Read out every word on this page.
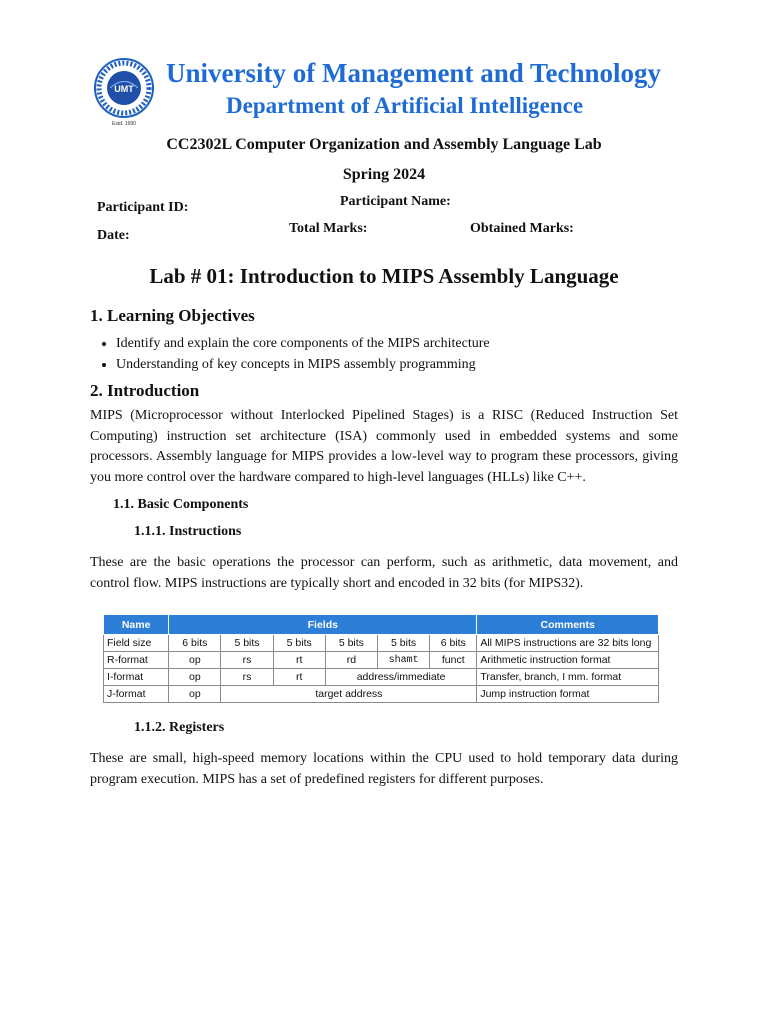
UMT
Estd. 1990
University of Management and Technology
Department of Artificial Intelligence
CC2302L Computer Organization and Assembly Language Lab
Spring 2024
Participant ID:	Participant Name:
Date:	Total Marks:	Obtained Marks:
Lab # 01: Introduction to MIPS Assembly Language
1. Learning Objectives
• Identify and explain the core components of the MIPS architecture
• Understanding of key concepts in MIPS assembly programming
2. Introduction
MIPS (Microprocessor without Interlocked Pipelined Stages) is a RISC (Reduced Instruction Set Computing) instruction set architecture (ISA) commonly used in embedded systems and some processors. Assembly language for MIPS provides a low-level way to program these processors, giving you more control over the hardware compared to high-level languages (HLLs) like C++.
1.1. Basic Components
1.1.1. Instructions
These are the basic operations the processor can perform, such as arithmetic, data movement, and control flow. MIPS instructions are typically short and encoded in 32 bits (for MIPS32).
Name	Fields						Comments
Field size	6 bits	5 bits	5 bits	5 bits	5 bits	6 bits	All MIPS instructions are 32 bits long
R-format	op	rs	rt	rd	shamt	funct	Arithmetic instruction format
I-format	op	rs	rt	address/immediate			Transfer, branch, I mm. format
J-format	op	target address					Jump instruction format
1.1.2. Registers
These are small, high-speed memory locations within the CPU used to hold temporary data during program execution. MIPS has a set of predefined registers for different purposes.
